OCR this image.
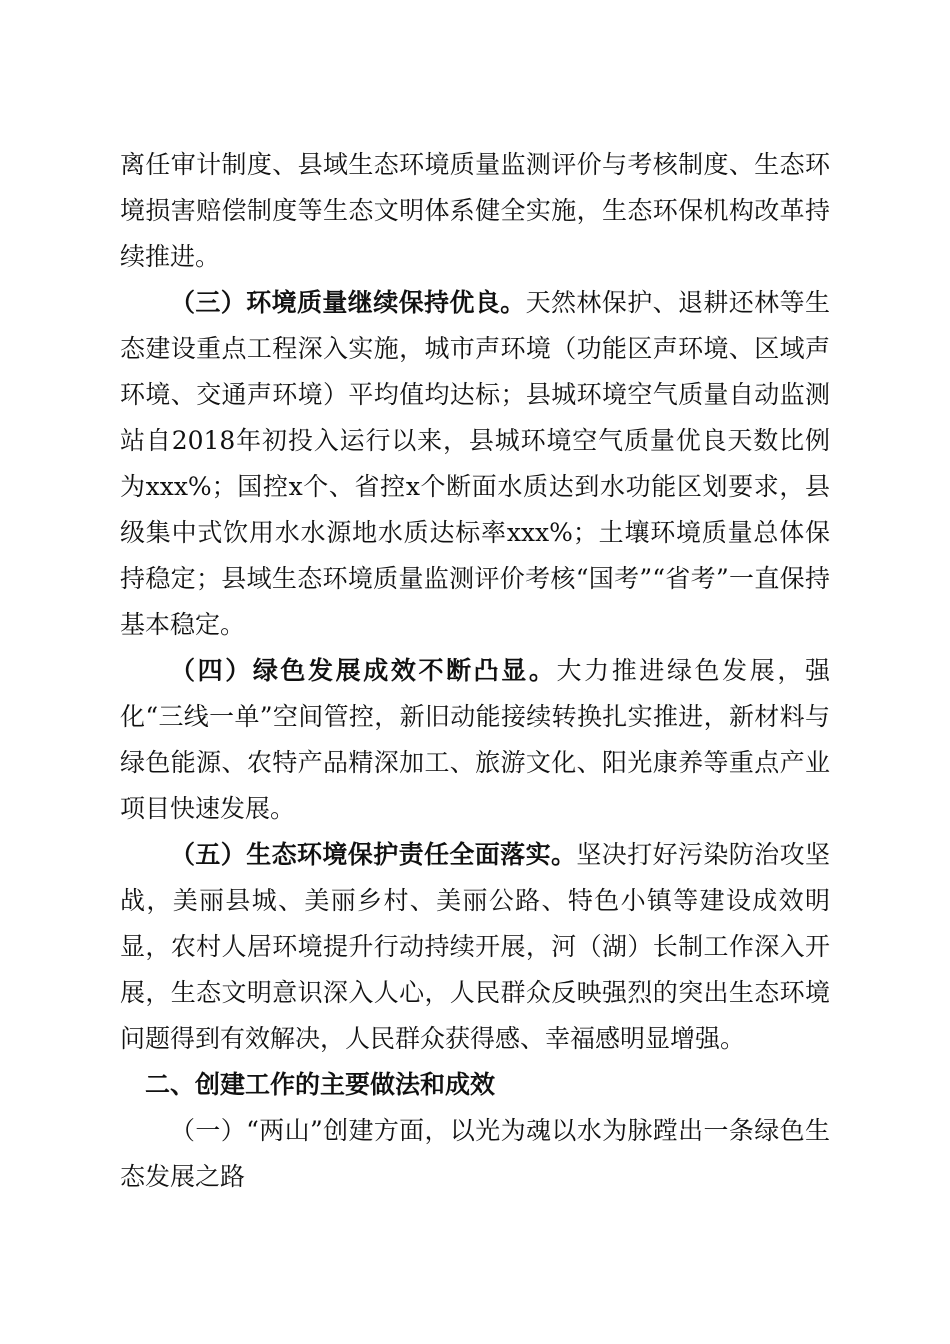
离任审计制度、县域生态环境质量监测评价与考核制度、生态环境损害赔偿制度等生态文明体系健全实施，生态环保机构改革持续推进。

（三）环境质量继续保持优良。天然林保护、退耕还林等生态建设重点工程深入实施，城市声环境（功能区声环境、区域声环境、交通声环境）平均值均达标；县城环境空气质量自动监测站自2018年初投入运行以来，县城环境空气质量优良天数比例为xxx%；国控x个、省控x个断面水质达到水功能区划要求，县级集中式饮用水水源地水质达标率xxx%；土壤环境质量总体保持稳定；县域生态环境质量监测评价考核“国考”“省考”一直保持基本稳定。

（四）绿色发展成效不断凸显。大力推进绿色发展，强化“三线一单”空间管控，新旧动能接续转换扎实推进，新材料与绿色能源、农特产品精深加工、旅游文化、阳光康养等重点产业项目快速发展。

（五）生态环境保护责任全面落实。坚决打好污染防治攻坚战，美丽县城、美丽乡村、美丽公路、特色小镇等建设成效明显，农村人居环境提升行动持续开展，河（湖）长制工作深入开展，生态文明意识深入人心，人民群众反映强烈的突出生态环境问题得到有效解决，人民群众获得感、幸福感明显增强。

二、创建工作的主要做法和成效

（一）“两山”创建方面，以光为魂以水为脉蹚出一条绿色生态发展之路
